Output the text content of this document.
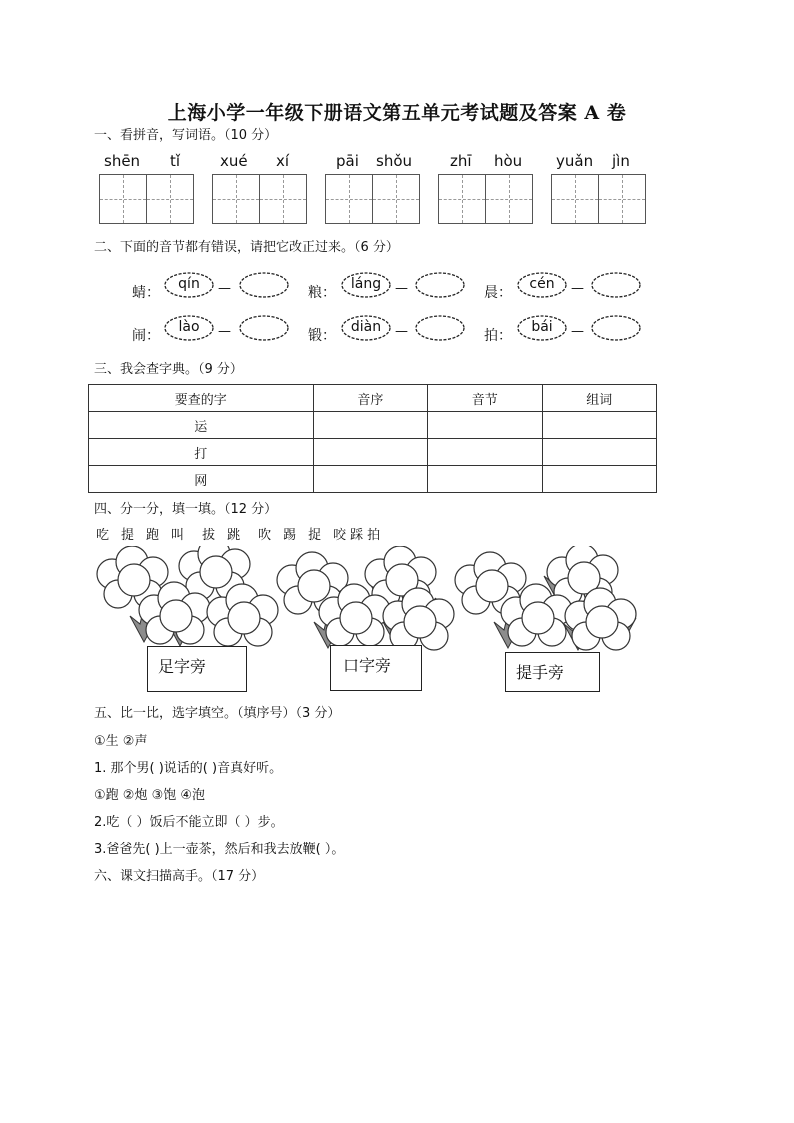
上海小学一年级下册语文第五单元考试题及答案 A 卷
一、看拼音，写词语。（10 分）
shēn tǐ	xué xí	pāi shǒu	zhī hòu yuǎn jìn
二、下面的音节都有错误，请把它改正过来。（6 分）
蜻：
qín	—	粮：
láng	—	晨：
cén	—
闹：
lào	—	锻：
diàn	—	拍：
bái	—
三、我会查字典。（9 分）
要查的字	音序	音节	组词
运			
打			
网			
四、分一分，填一填。（12 分）
吃 提 跑 叫 拔 跳 吹 踢 捉 咬 踩 拍
足字旁	口字旁	提手旁
五、比一比，选字填空。（填序号）（3 分）
①生 ②声
1. 那个男( )说话的( )音真好听。
①跑 ②炮 ③饱 ④泡
2.吃（ ）饭后不能立即（ ）步。
3.爸爸先( )上一壶茶，然后和我去放鞭( ）。
六、课文扫描高手。（17 分）
